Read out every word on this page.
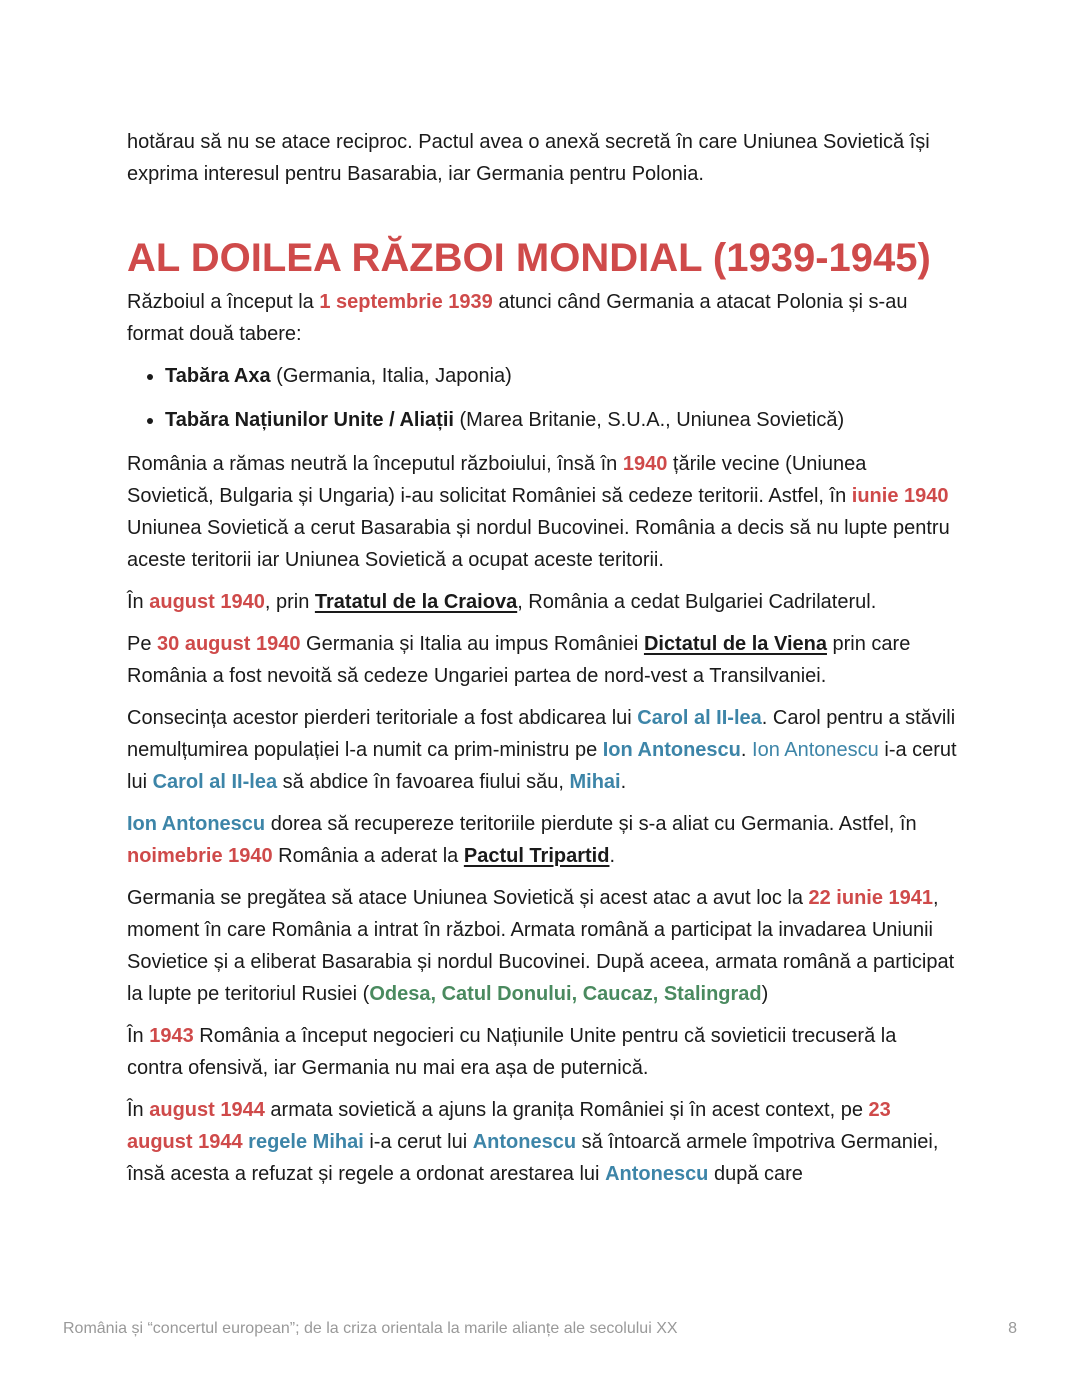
hotărau să nu se atace reciproc. Pactul avea o anexă secretă în care Uniunea Sovietică își exprima interesul pentru Basarabia, iar Germania pentru Polonia.

AL DOILEA RĂZBOI MONDIAL (1939-1945)

Războiul a început la 1 septembrie 1939 atunci când Germania a atacat Polonia și s-au format două tabere:

• Tabăra Axa (Germania, Italia, Japonia)
• Tabăra Națiunilor Unite / Aliații (Marea Britanie, S.U.A., Uniunea Sovietică)

România a rămas neutră la începutul războiului, însă în 1940 țările vecine (Uniunea Sovietică, Bulgaria și Ungaria) i-au solicitat României să cedeze teritorii. Astfel, în iunie 1940 Uniunea Sovietică a cerut Basarabia și nordul Bucovinei. România a decis să nu lupte pentru aceste teritorii iar Uniunea Sovietică a ocupat aceste teritorii.

În august 1940, prin Tratatul de la Craiova, România a cedat Bulgariei Cadrilaterul.

Pe 30 august 1940 Germania și Italia au impus României Dictatul de la Viena prin care România a fost nevoită să cedeze Ungariei partea de nord-vest a Transilvaniei.

Consecința acestor pierderi teritoriale a fost abdicarea lui Carol al II-lea. Carol pentru a stăvili nemulțumirea populației l-a numit ca prim-ministru pe Ion Antonescu. Ion Antonescu i-a cerut lui Carol al II-lea să abdice în favoarea fiului său, Mihai.

Ion Antonescu dorea să recupereze teritoriile pierdute și s-a aliat cu Germania. Astfel, în noimebrie 1940 România a aderat la Pactul Tripartid.

Germania se pregătea să atace Uniunea Sovietică și acest atac a avut loc la 22 iunie 1941, moment în care România a intrat în război. Armata română a participat la invadarea Uniunii Sovietice și a eliberat Basarabia și nordul Bucovinei. După aceea, armata română a participat la lupte pe teritoriul Rusiei (Odesa, Catul Donului, Caucaz, Stalingrad)

În 1943 România a început negocieri cu Națiunile Unite pentru că sovieticii trecuseră la contra ofensivă, iar Germania nu mai era așa de puternică.

În august 1944 armata sovietică a ajuns la granița României și în acest context, pe 23 august 1944 regele Mihai i-a cerut lui Antonescu să întoarcă armele împotriva Germaniei, însă acesta a refuzat și regele a ordonat arestarea lui Antonescu după care

România și “concertul european”; de la criza orientala la marile alianțe ale secolului XX	8
